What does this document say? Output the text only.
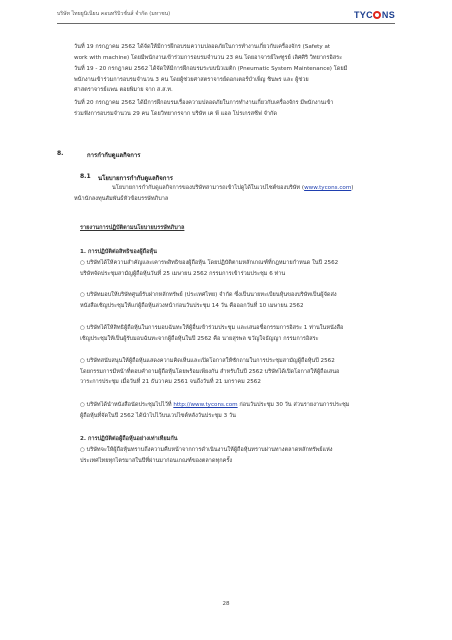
บริษัท ไทยยูนิเนียน คอนทริบิวชั่นส์ จำกัด (มหาชน)	TYC NS
วันที่ 19 กรกฎาคม 2562 ได้จัดให้มีการฝึกอบรมความปลอดภัยในการทำงานเกี่ยวกับเครื่องจักร (Safety at
work with machine) โดยมีพนักงานเข้าร่วมการอบรมจำนวน 23 คน โดยอาจารย์ไพฑูรย์ เลิศศิริ วิทยากรอิสระ
วันที่ 19 - 20 กรกฎาคม 2562 ได้จัดให้มีการฝึกอบรมระบบนิวเมติก (Pneumatic System Maintenance) โดยมี
พนักงานเข้าร่วมการอบรมจำนวน 3 คน โดยผู้ช่วยศาสตราจารย์ดอกเตอร์บำเพ็ญ ชินพร และ ผู้ช่วย
ศาสตราจารย์แพน ตอยพิมาย จาก ส.ส.ท.
วันที่ 20 กรกฎาคม 2562 ได้มีการฝึกอบรมเรื่องความปลอดภัยในการทำงานเกี่ยวกับเครื่องจักร มีพนักงานเข้า
ร่วมฟังการอบรมจำนวน 29 คน โดยวิทยากรจาก บริษัท เค พี แอล โปรเกรสซีฟ จำกัด
8.	การกำกับดูแลกิจการ
8.1 นโยบายการกำกับดูแลกิจการ
นโยบายการกำกับดูแลกิจการของบริษัทสามารถเข้าไปดูได้ในเวปไซต์ของบริษัท (www.tycons.com)
หน้านักลงทุนสัมพันธ์หัวข้อบรรษัทภิบาล
รายงานการปฏิบัติตามนโยบายบรรษัทภิบาล
1. การปฏิบัติต่อสิทธิของผู้ถือหุ้น
○ บริษัทได้ให้ความสำคัญและเคารพสิทธิของผู้ถือหุ้น โดยปฏิบัติตามหลักเกณฑ์ที่กฎหมายกำหนด ในปี 2562
บริษัทจัดประชุมสามัญผู้ถือหุ้นวันที่ 25 เมษายน 2562 กรรมการเข้าร่วมประชุม 6 ท่าน
○ บริษัทมอบให้บริษัทศูนย์รับฝากหลักทรัพย์ (ประเทศไทย) จำกัด ซึ่งเป็นนายทะเบียนหุ้นของบริษัทเป็นผู้จัดส่ง
หนังสือเชิญประชุมให้แก่ผู้ถือหุ้นล่วงหน้าก่อนวันประชุม 14 วัน คือออกวันที่ 10 เมษายน 2562
○ บริษัทได้ให้สิทธิผู้ถือหุ้นในการมอบฉันทะให้ผู้อื่นเข้าร่วมประชุม และเสนอชื่อกรรมการอิสระ 1 ท่านในหนังสือ
เชิญประชุมให้เป็นผู้รับมอบฉันทะจากผู้ถือหุ้นในปี 2562 คือ นายสุรพล ขวัญใจธัญญา กรรมการอิสระ
○ บริษัทสนับสนุนให้ผู้ถือหุ้นแสดงความคิดเห็นและเปิดโอกาสให้ซักถามในการประชุมสามัญผู้ถือหุ้นปี 2562
โดยกรรมการมีหน้าที่ตอบคำถามผู้ถือหุ้นโดยพร้อมเพียงกัน สำหรับในปี 2562 บริษัทได้เปิดโอกาสให้ผู้ถือเสนอ
วาระการประชุม เมื่อวันที่ 21 ธันวาคม 2561 จนถึงวันที่ 21 มกราคม 2562
○ บริษัทได้นำหนังสือนัดประชุมไปไว้ที่ http://www.tycons.com ก่อนวันประชุม 30 วัน ส่วนรายงานการประชุม
ผู้ถือหุ้นที่จัดในปี 2562 ได้นำไปไว้บนเวปไซต์หลังวันประชุม 3 วัน
2. การปฏิบัติต่อผู้ถือหุ้นอย่างเท่าเทียมกัน
○ บริษัทจะให้ผู้ถือหุ้นทราบถึงความคืบหน้าจากการดำเนินงานให้ผู้ถือหุ้นทราบผ่านทางตลาดหลักทรัพย์แห่ง
ประเทศไทยทุกไตรมาสในปีที่ผ่านมาก่อนเกณฑ์ของตลาดทุกครั้ง
28
